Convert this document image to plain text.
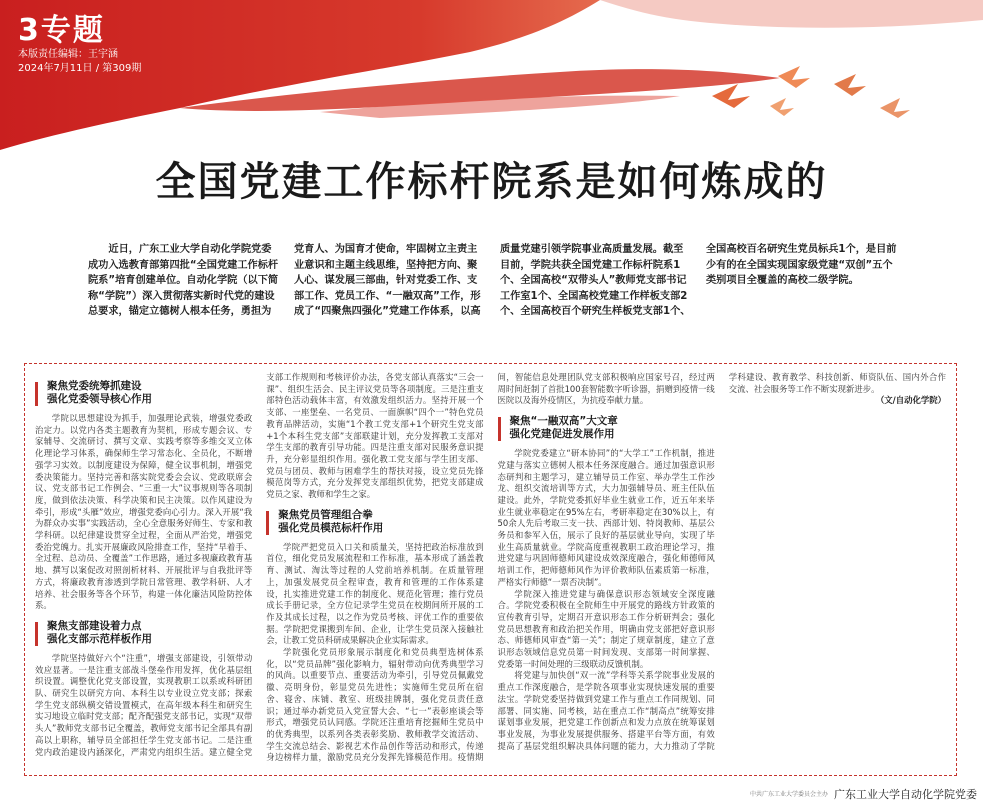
3专题
本版责任编辑：王宇涵
2024年7月11日 / 第309期
全国党建工作标杆院系是如何炼成的

近日，广东工业大学自动化学院党委成功入选教育部第四批“全国党建工作标杆院系”培育创建单位。自动化学院（以下简称“学院”）深入贯彻落实新时代党的建设总要求，锚定立德树人根本任务，勇担为党育人、为国育才使命，牢固树立主责主业意识和主题主线思维，坚持把方向、聚人心、谋发展三部曲，针对党委工作、支部工作、党员工作、“一融双高”工作，形成了“四聚焦四强化”党建工作体系，以高质量党建引领学院事业高质量发展。截至目前，学院共获全国党建工作标杆院系1个、全国高校“双带头人”教师党支部书记工作室1个、全国高校党建工作样板支部2个、全国高校百个研究生样板党支部1个、全国高校百名研究生党员标兵1个，是目前少有的在全国实现国家级党建“双创”五个类别项目全覆盖的高校二级学院。

聚焦党委统筹抓建设
强化党委领导核心作用

学院以思想建设为抓手，加强理论武装，增强党委政治定力。以党内各类主题教育为契机，形成专题会议、专家辅导、交流研讨、撰写文章、实践考察等多维交叉立体化理论学习体系，确保师生学习常态化、全员化，不断增强学习实效。以制度建设为保障，健全议事机制，增强党委决策能力。坚持完善和落实院党委会会议、党政联席会议、党支部书记工作例会、“三重一大”议事规则等各项制度，做到依法决策、科学决策和民主决策。以作风建设为牵引，形成“头雁”效应，增强党委向心引力。深入开展“我为群众办实事”实践活动，全心全意服务好师生、专家和教学科研。以纪律建设贯穿全过程，全面从严治党，增强党委治党魄力。扎实开展廉政风险排查工作，坚持“早着手、全过程、总动员、全覆盖”工作思路，通过多视廉政教育基地、撰写以案促改对照剖析材料、开展批评与自我批评等方式，将廉政教育渗透到学院日常管理、教学科研、人才培养、社会服务等各个环节，构建一体化廉洁风险防控体系。

聚焦支部建设着力点
强化支部示范样板作用

学院坚持做好六个“注重”，增强支部建设，引领带动效应显著。一是注重支部战斗堡垒作用发挥，优化基层组织设置。调整优化党支部设置，实现教职工以系或科研团队、研究生以研究方向、本科生以专业设立党支部；探索学生党支部纵横交错设置模式，在高年级本科生和研究生实习地设立临时党支部；配齐配强党支部书记，实现“双带头人”教师党支部书记全覆盖，教师党支部书记全部具有副高以上职称，辅导员全部担任学生党支部书记。二是注重党内政治建设内涵深化，严肃党内组织生活。建立健全党支部工作规则和考核评价办法，各党支部认真落实“三会一课”、组织生活会、民主评议党员等各项制度。三是注重支部特色活动载体丰富，有效激发组织活力。坚持开展一个支部、一座堡垒、一名党员、一面旗帜“四个一”特色党员教育品牌活动，实施“1个教工党支部+1个研究生党支部+1个本科生党支部”支部联建计划，充分发挥教工支部对学生支部的教育引导功能。四是注重支部对民服务意识提升，充分彰显组织作用。强化教工党支部与学生团支部、党员与团员、教师与困难学生的帮扶对接，设立党员先锋模范岗等方式，充分发挥党支部组织优势，把党支部建成党员之家、教师和学生之家。

聚焦党员管理组合拳
强化党员模范标杆作用

学院严把党员入口关和质量关，坚持把政治标准放到首位，细化党员发展流程和工作标准，基本形成了涵盖教育、测试、淘汰等过程的人党前培养机制。在质量管理上，加强发展党员全程审查，教育和管理的工作体系建设，扎实推进党建工作的制度化、规范化管理；推行党员成长手册记录，全方位记录学生党员在校期间所开展的工作及其成长过程，以之作为党员考核、评优工作的重要依据。学院把党课搬到车间、企业，让学生党员深入接触社会，让教工党员科研成果解决企业实际需求。

学院强化党员形象展示制度化和党员典型选树体系化，以“党员品牌”强化影响力，辐射带动向优秀典型学习的风尚。以重要节点、重要活动为牵引，引导党员佩戴党徽、亮明身份，彰显党员先进性；实施师生党员所在宿舍、寝舍、床铺、教室、班级挂牌制，强化党员责任意识；通过举办新党员入党宣誓大会、“七一”表彰座谈会等形式，增强党员认同感。学院还注重培育挖掘师生党员中的优秀典型，以系列各类表彰奖励、教师教学交流活动、学生交流总结会、影视艺术作品创作等活动和形式，传递身边榜样力量，激励党员充分发挥先锋模范作用。疫情期间，智能信息处理团队党支部积极响应国家号召，经过两周时间赶制了首批100套智能数字听诊器，捐赠到疫情一线医院以及海外疫情区，为抗疫奉献力量。

聚焦“一融双高”大文章
强化党建促进发展作用

学院党委建立“研本协同”的“大学工”工作机制，推进党建与落实立德树人根本任务深度融合。通过加强意识形态研判和主题学习，建立辅导员工作室、举办学生工作沙龙、组织交流培训等方式，大力加强辅导员、班主任队伍建设。此外，学院党委抓好毕业生就业工作，近五年来毕业生就业率稳定在95%左右，考研率稳定在30%以上，有50余人先后考取三支一扶、西部计划、特岗教师、基层公务员和参军入伍，展示了良好的基层就业导向，实现了毕业生高质量就业。学院高度重视教职工政治理论学习，推进党建与巩固师德师风建设成效深度融合，强化师德师风培训工作，把师德师风作为评价教师队伍素质第一标准，严格实行师德“一票否决制”。

学院深入推进党建与确保意识形态领域安全深度融合。学院党委积极在全院师生中开展党的路线方针政策的宣传教育引导，定期召开意识形态工作分析研判会；强化党员思想教育和政治把关作用，明确由党支部把好意识形态、师德师风审查“第一关”；制定了规章制度，建立了意识形态领域信息党员第一时间发现、支部第一时间掌握、党委第一时间处理的三级联动反馈机制。

将党建与加快创“双一流”学科等关系学院事业发展的重点工作深度融合，是学院各项事业实现快速发展的重要法宝。学院党委坚持做到党建工作与重点工作同规划、同部署、同实施、同考核，站在重点工作“制高点”统筹安排谋划事业发展，把党建工作创新点和发力点放在统筹谋划事业发展，为事业发展提供服务、搭建平台等方面，有效提高了基层党组织解决具体问题的能力，大力推动了学院学科建设、教育教学、科技创新、师资队伍、国内外合作交流、社会服务等工作不断实现新进步。

（文/自动化学院）
中共广东工业大学委员会主办 广东工业大学自动化学院党委
